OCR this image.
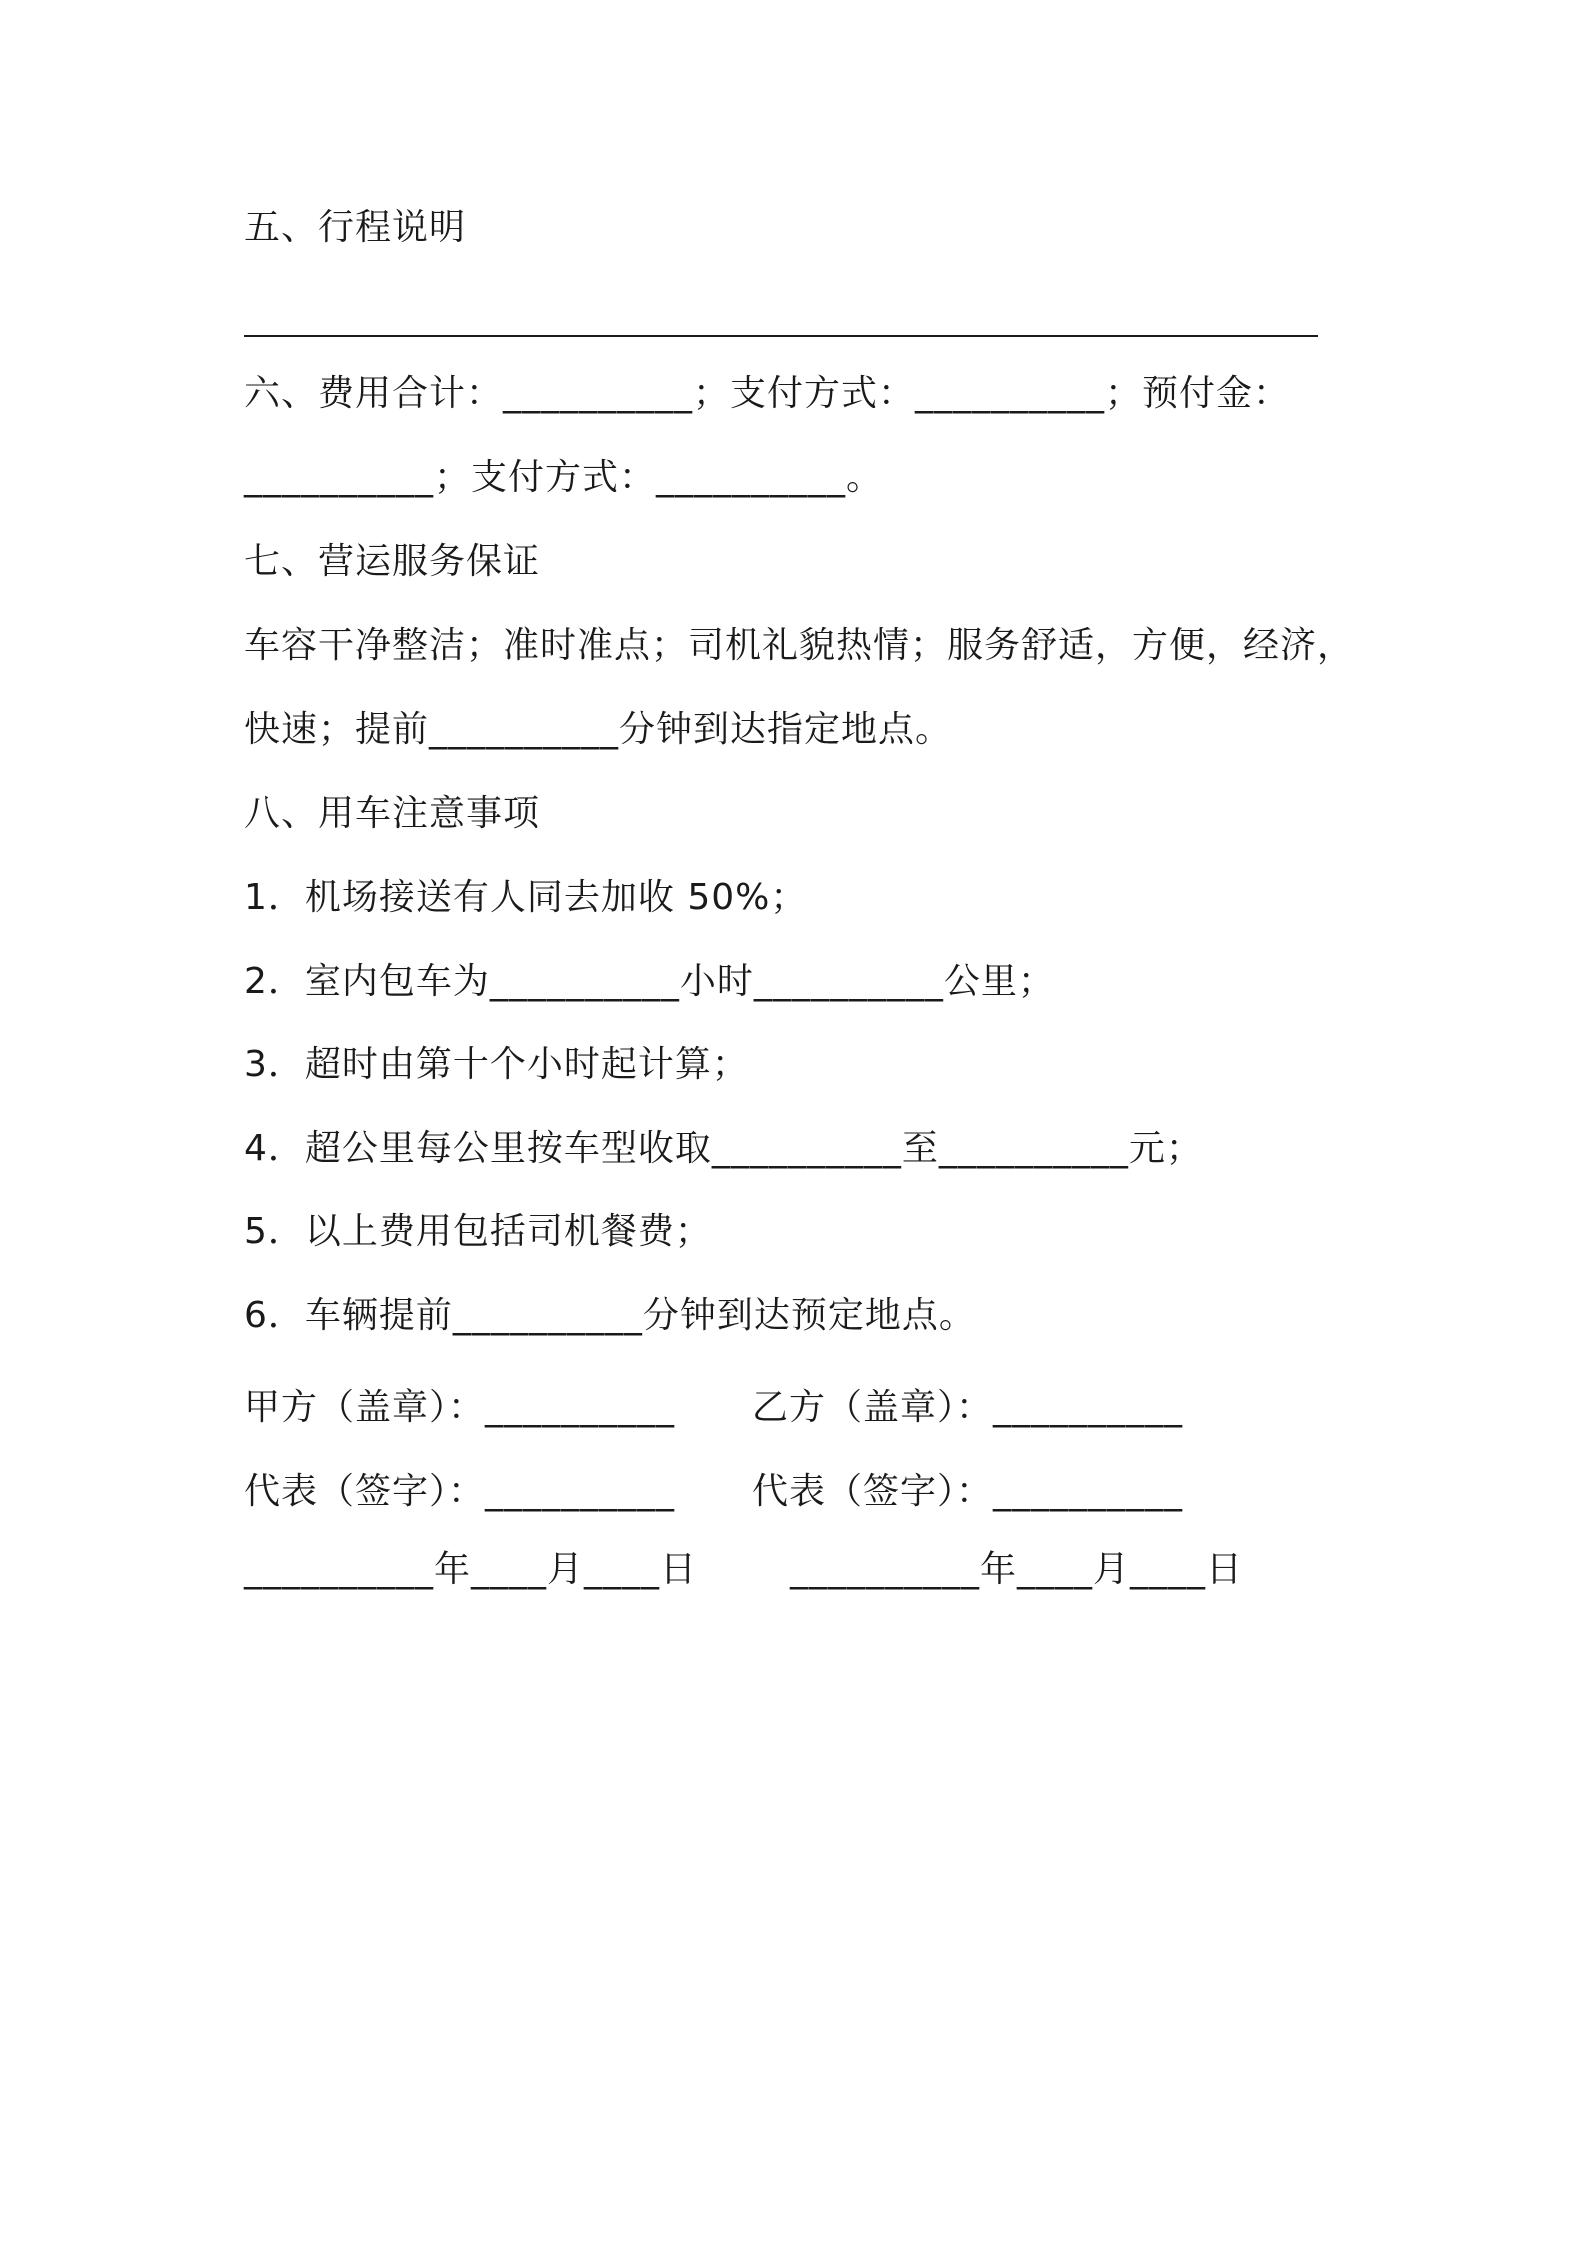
五、行程说明
六、费用合计：__________；支付方式：__________；预付金：
__________；支付方式：__________。
七、营运服务保证
车容干净整洁；准时准点；司机礼貌热情；服务舒适，方便，经济，
快速；提前__________分钟到达指定地点。
八、用车注意事项
1．机场接送有人同去加收 50%；
2．室内包车为__________小时__________公里；
3．超时由第十个小时起计算；
4．超公里每公里按车型收取__________至__________元；
5．以上费用包括司机餐费；
6．车辆提前__________分钟到达预定地点。
甲方（盖章）：__________ 乙方（盖章）：__________
代表（签字）：__________ 代表（签字）：__________
__________年____月____日	__________年____月____日
